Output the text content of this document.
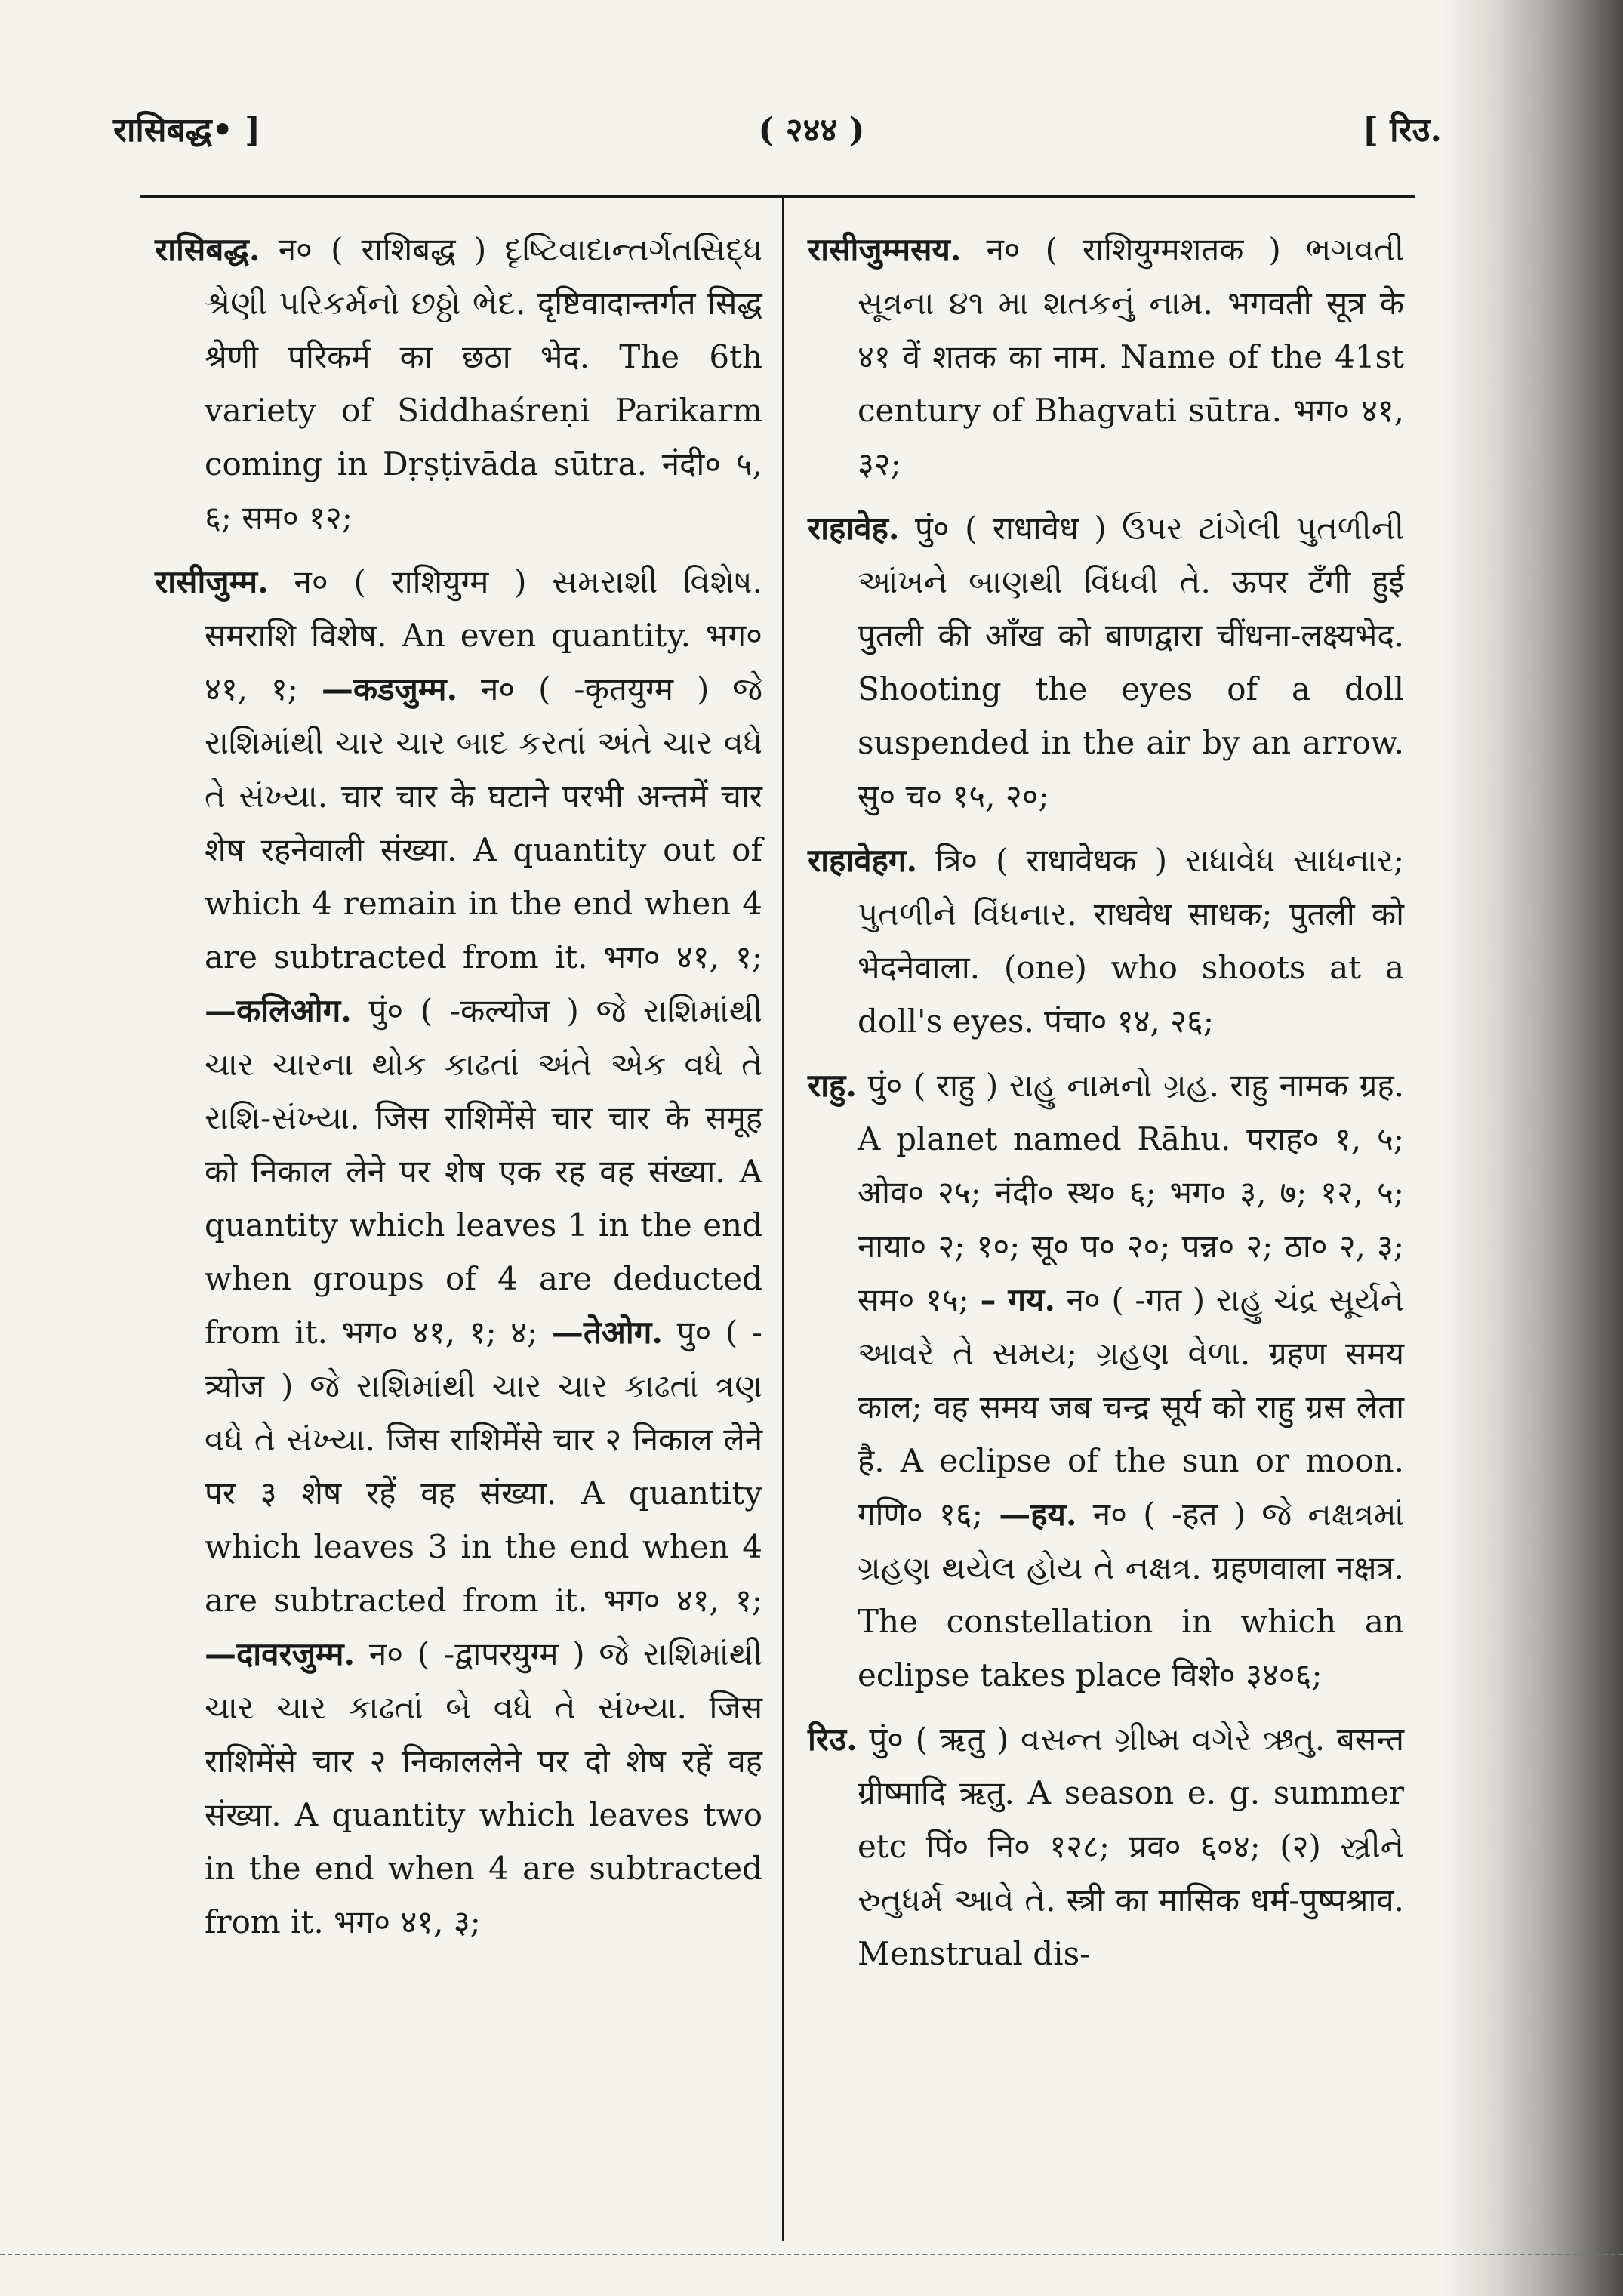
रासिबद्ध• ]	( २४४ )	[ रिउ.

रासिबद्ध. न० ( राशिबद्ध ) દૃષ્ટિવાદાન્તર્ગતસિદ્ધ શ્રેણી પરિકર્મનો છઠ્ઠો ભેદ. दृष्टिवादान्तर्गत सिद्ध श्रेणी परिकर्म का छठा भेद. The 6th variety of Siddhaśreṇi Parikarm coming in Dṛṣṭivāda sūtra. नंदी० ५, ६; सम० १२;

रासीजुम्म. न० ( राशियुग्म ) સમરાશી વિશેષ. समराशि विशेष. An even quantity. भग० ४१, १; —कडजुम्म. न० ( -कृतयुग्म ) જે રાશિમાંથી ચાર ચાર બાદ કરતાં અંતે ચાર વધે તે સંખ્યા. चार चार के घटाने परभी अन्तमें चार शेष रहनेवाली संख्या. A quantity out of which 4 remain in the end when 4 are subtracted from it. भग० ४१, १; —कलिओग. पुं० ( -कल्योज ) જે રાશિમાંથી ચાર ચારના થોક કાઢતાં અંતે એક વધે તે રાશિ-સંખ્યા. जिस राशिमेंसे चार चार के समूह को निकाल लेने पर शेष एक रह वह संख्या. A quantity which leaves 1 in the end when groups of 4 are deducted from it. भग० ४१, १; ४; —तेओग. पु० ( -त्र्योज ) જે રાશિમાંથી ચાર ચાર કાઢતાં ત્રણ વધે તે સંખ્યા. जिस राशिमेंसे चार २ निकाल लेने पर ३ शेष रहें वह संख्या. A quantity which leaves 3 in the end when 4 are subtracted from it. भग० ४१, १; —दावरजुम्म. न० ( -द्वापरयुग्म ) જે રાશિમાંથી ચાર ચાર કાઢતાં બે વધે તે સંખ્યા. जिस राशिमेंसे चार २ निकाललेने पर दो शेष रहें वह संख्या. A quantity which leaves two in the end when 4 are subtracted from it. भग० ४१, ३;

रासीजुम्मसय. न० ( राशियुग्मशतक ) ભગવતી સૂત્રના ૪૧ મા શતકનું નામ. भगवती सूत्र के ४१ वें शतक का नाम. Name of the 41st century of Bhagvati sūtra. भग० ४१, ३२;

राहावेह. पुं० ( राधावेध ) ઉપર ટાંગેલી પુતળીની આંખને બાણથી વિંધવી તે. ऊपर टँगी हुई पुतली की आँख को बाणद्वारा चींधना-लक्ष्यभेद. Shooting the eyes of a doll suspended in the air by an arrow. सु० च० १५, २०;

राहावेहग. त्रि० ( राधावेधक ) રાધાવેધ સાધનાર; પુતળીને વિંધનાર. राधवेध साधक; पुतली को भेदनेवाला. (one) who shoots at a doll's eyes. पंचा० १४, २६;

राहु. पुं० ( राहु ) રાહુ નામનો ગ્રહ. राहु नामक ग्रह. A planet named Rāhu. पराह० १, ५; ओव० २५; नंदी० स्थ० ६; भग० ३, ७; १२, ५; नाया० २; १०; सू० प० २०; पन्न० २; ठा० २, ३; सम० १५; – गय. न० ( -गत ) રાહુ ચંદ્ર સૂર્યને આવરે તે સમય; ગ્રહણ વેળા. ग्रहण समय काल; वह समय जब चन्द्र सूर्य को राहु ग्रस लेता है. A eclipse of the sun or moon. गणि० १६; —हय. न० ( -हत ) જે નક્ષત્રમાં ગ્રહણ થયેલ હોય તે નક્ષત્ર. ग्रहणवाला नक्षत्र. The constellation in which an eclipse takes place विशे० ३४०६;

रिउ. पुं० ( ऋतु ) વસન્ત ગ્રીષ્મ વગેરે ઋતુ. बसन्त ग्रीष्मादि ऋतु. A season e. g. summer etc पिं० नि० १२८; प्रव० ६०४; (२) સ્ત્રીને રુતુધર્મ આવે તે. स्त्री का मासिक धर्म-पुष्पश्राव. Menstrual dis-
